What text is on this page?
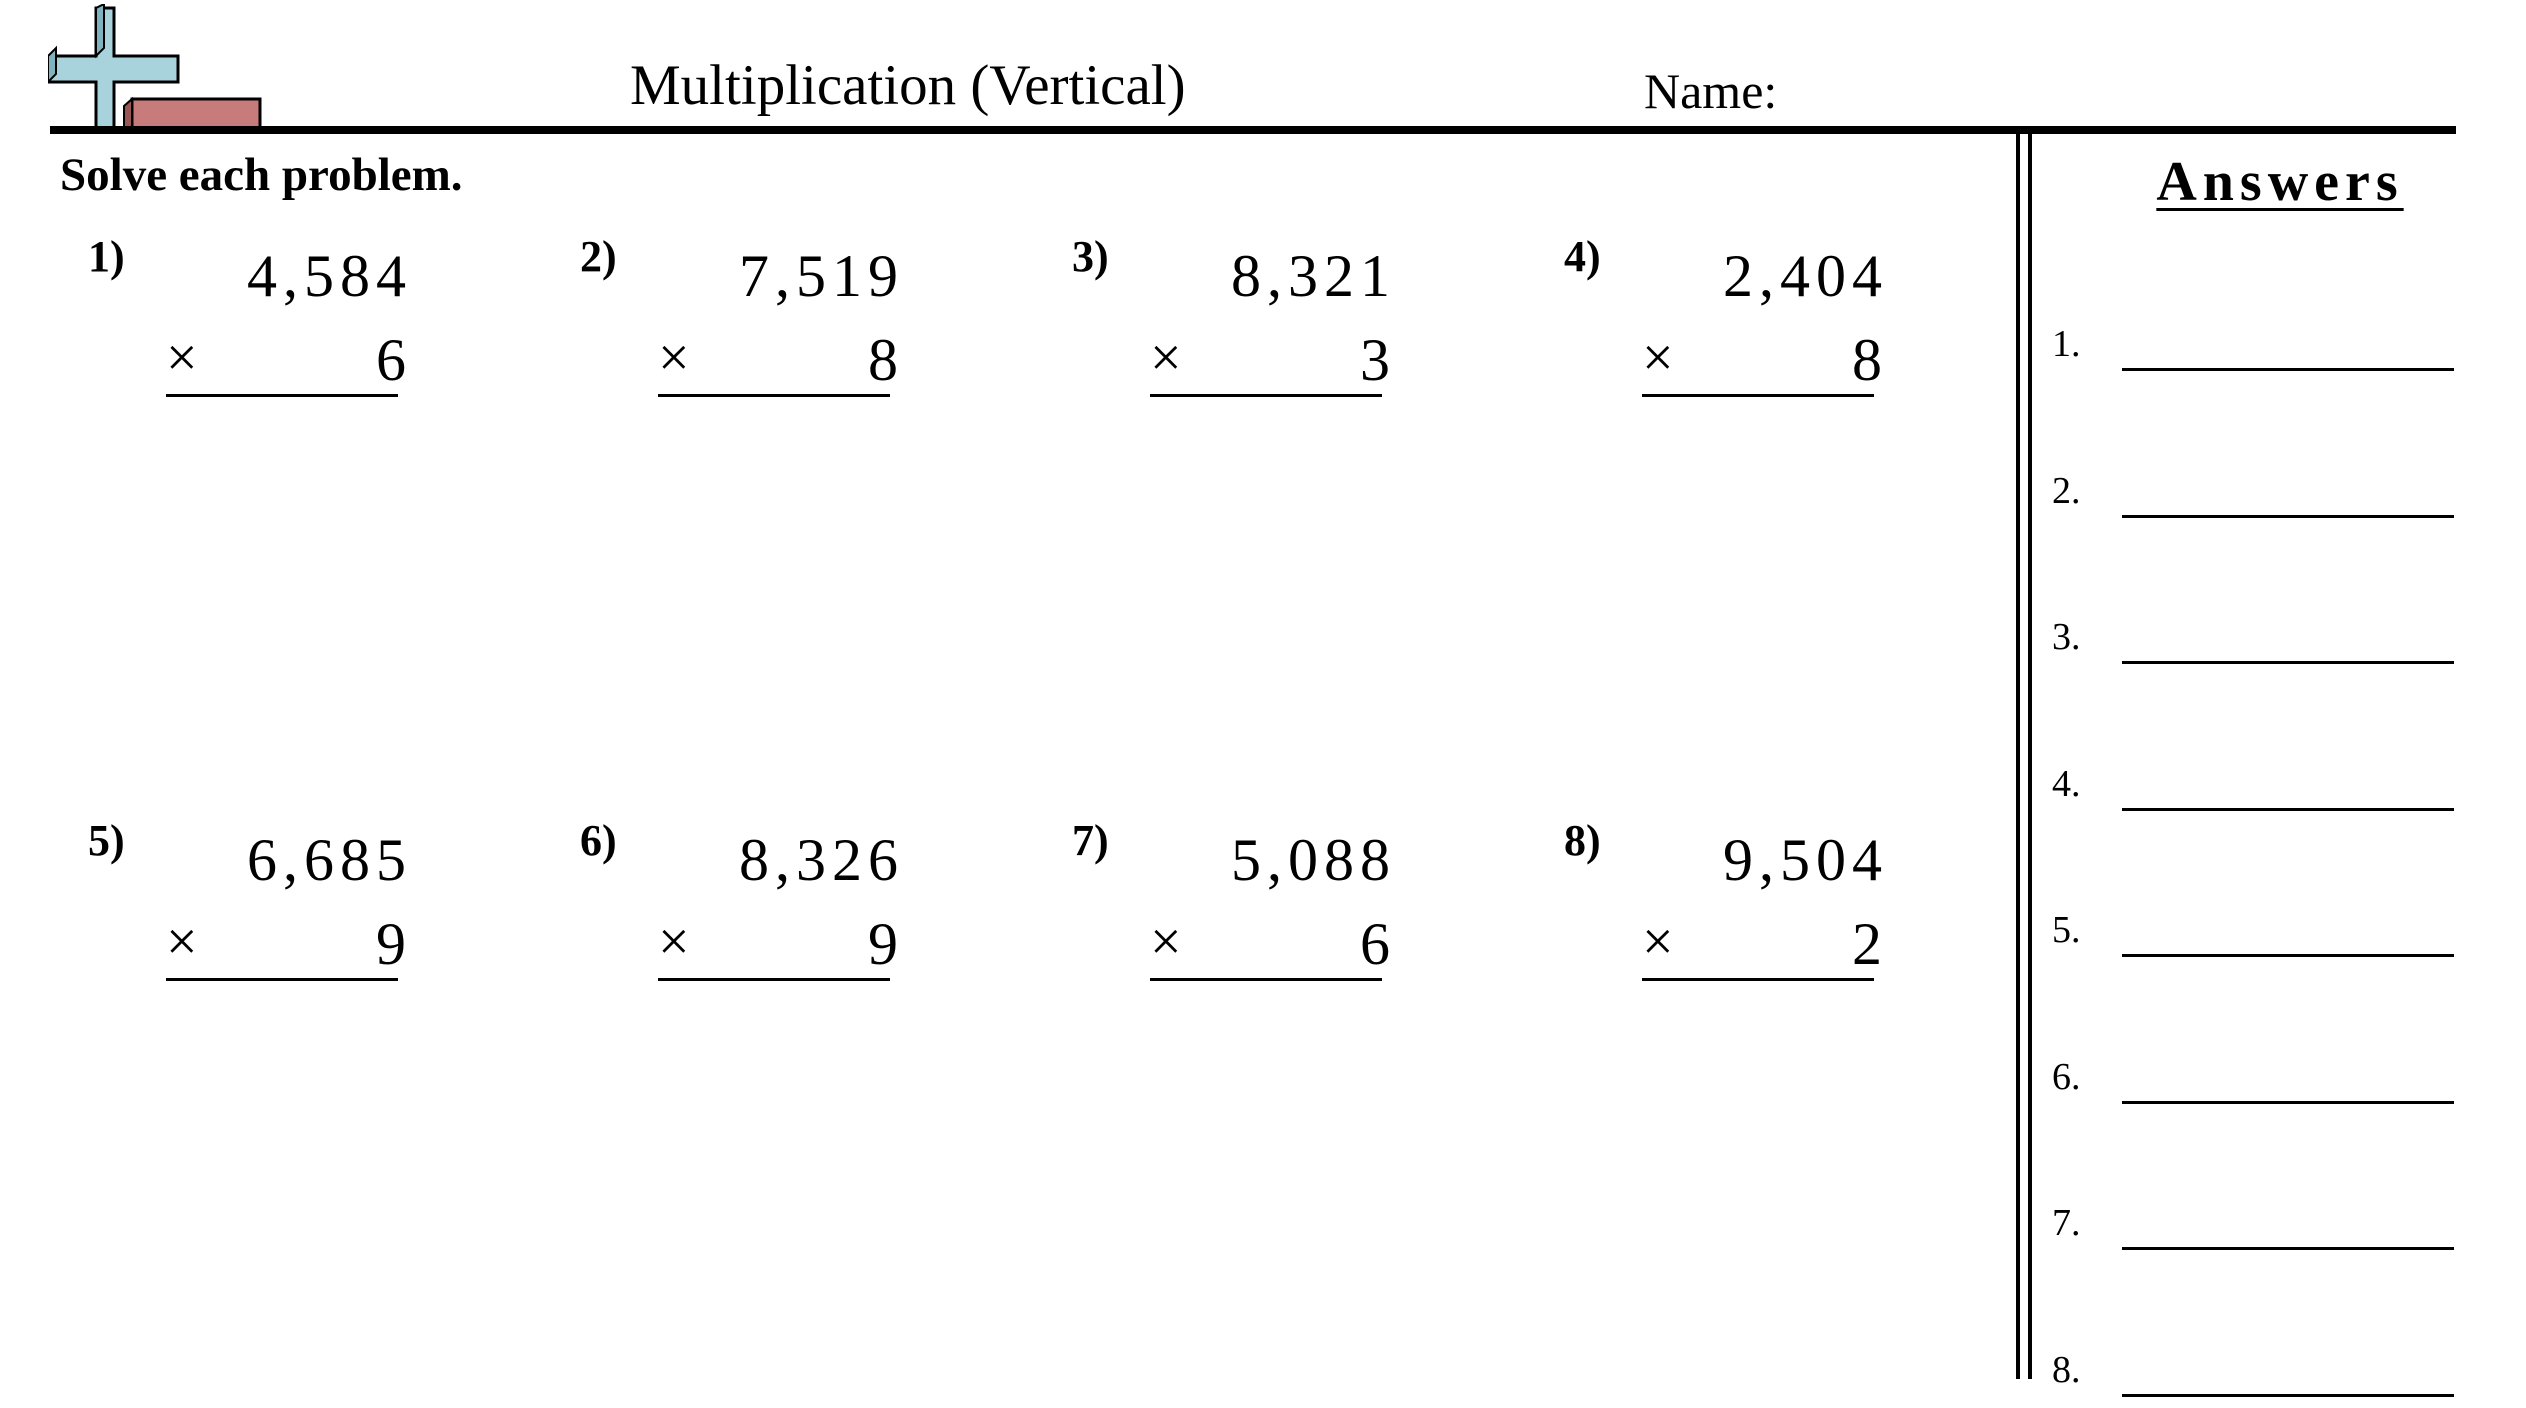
Multiplication (Vertical)	Name:
Solve each problem.
1) 4,584
×	6
2) 7,519
×	8
3) 8,321
×	3
4) 2,404
×	8
5) 6,685
×	9
6) 8,326
×	9
7) 5,088
×	6
8) 9,504
×	2
Answers
1.
2.
3.
4.
5.
6.
7.
8.
